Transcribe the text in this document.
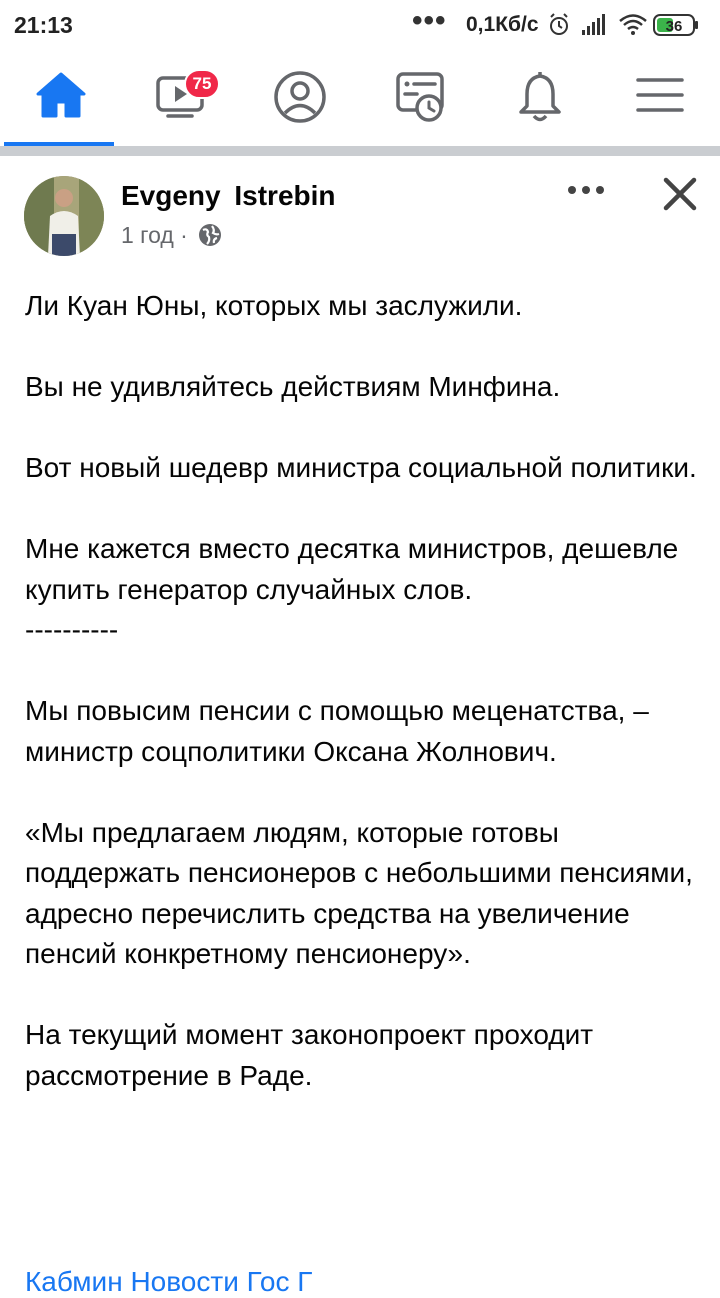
21:13	••• 0,1Кб/с	36
75
Evgeny Istrebin
1 год ·

Ли Куан Юны, которых мы заслужили.

Вы не удивляйтесь действиям Минфина.

Вот новый шедевр министра социальной политики.

Мне кажется вместо десятка министров, дешевле купить генератор случайных слов.

----------

Мы повысим пенсии с помощью меценатства, – министр соцполитики Оксана Жолнович.

«Мы предлагаем людям, которые готовы поддержать пенсионеров с небольшими пенсиями, адресно перечислить средства на увеличение пенсий конкретному пенсионеру».

На текущий момент законопроект проходит рассмотрение в Раде.

Кабмин Новости Гос Г
